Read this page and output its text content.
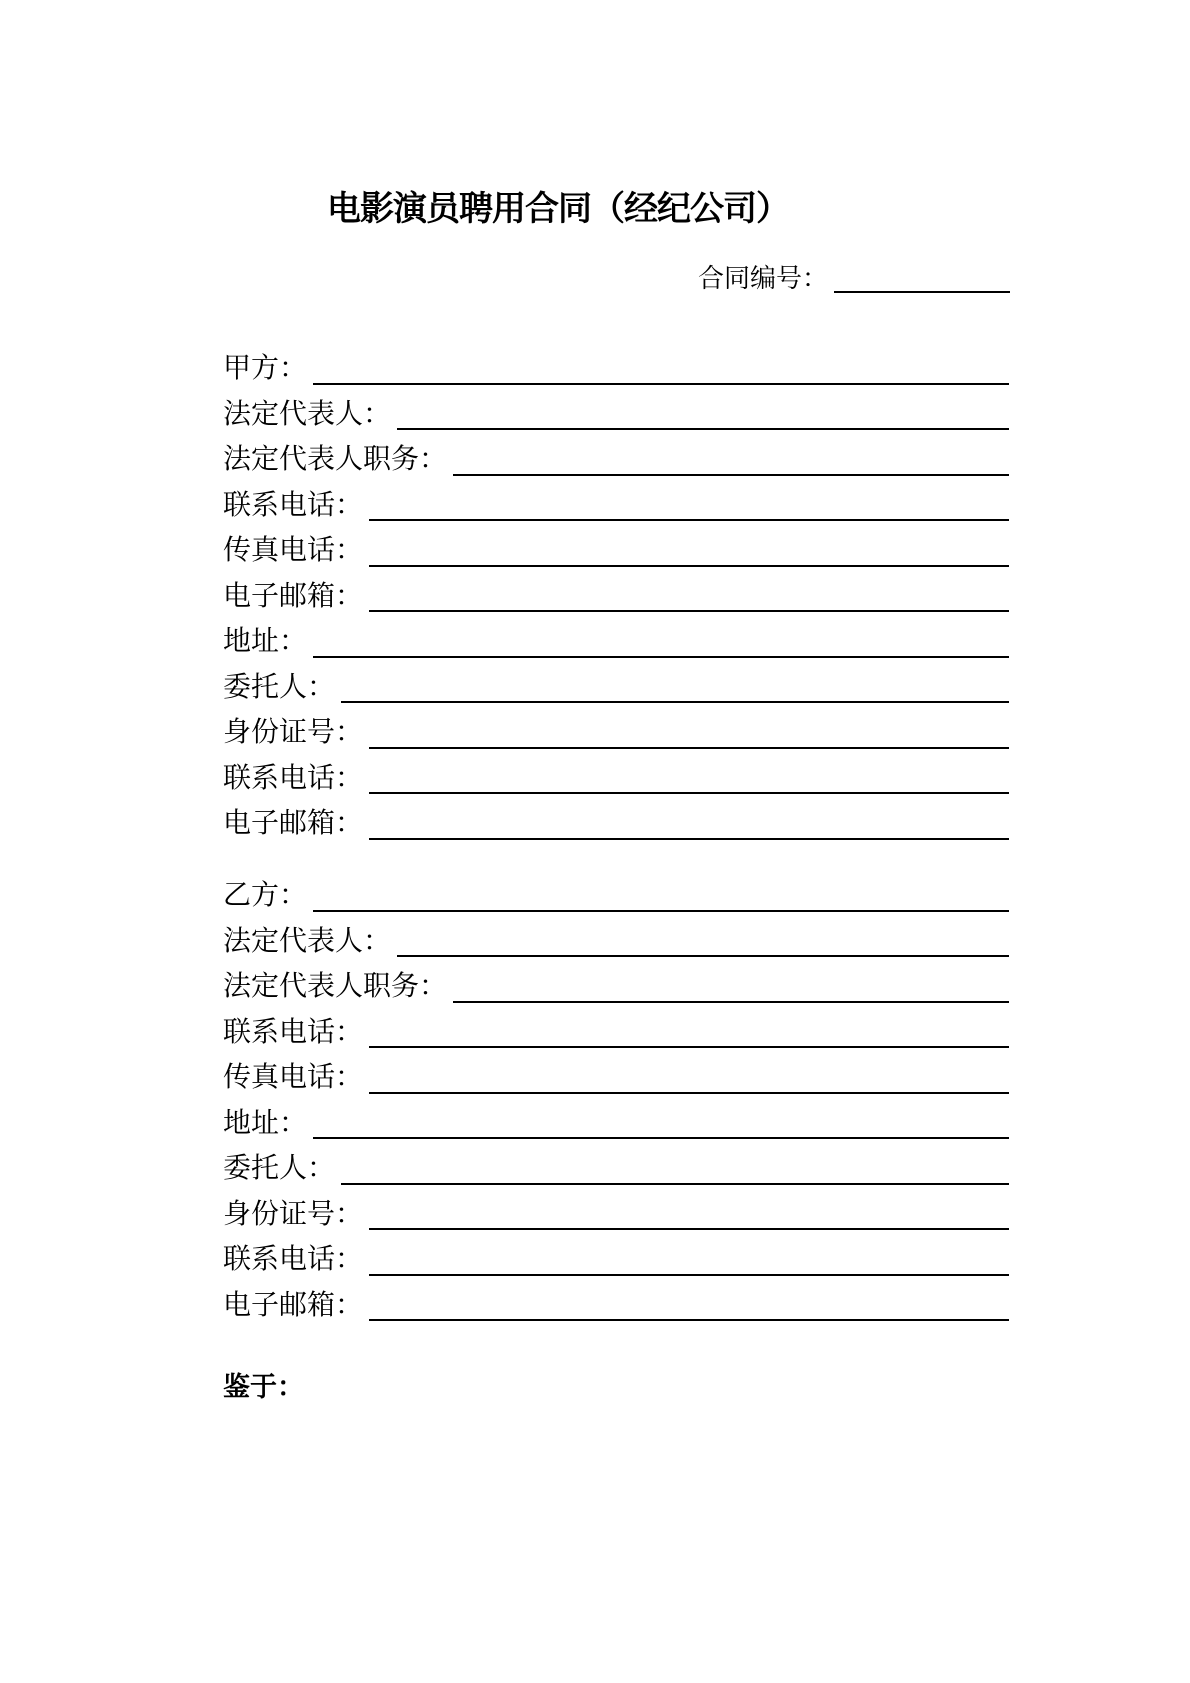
电影演员聘用合同（经纪公司）
合同编号：
甲方：
法定代表人：
法定代表人职务：
联系电话：
传真电话：
电子邮箱：
地址：
委托人：
身份证号：
联系电话：
电子邮箱：
乙方：
法定代表人：
法定代表人职务：
联系电话：
传真电话：
地址：
委托人：
身份证号：
联系电话：
电子邮箱：
鉴于：
